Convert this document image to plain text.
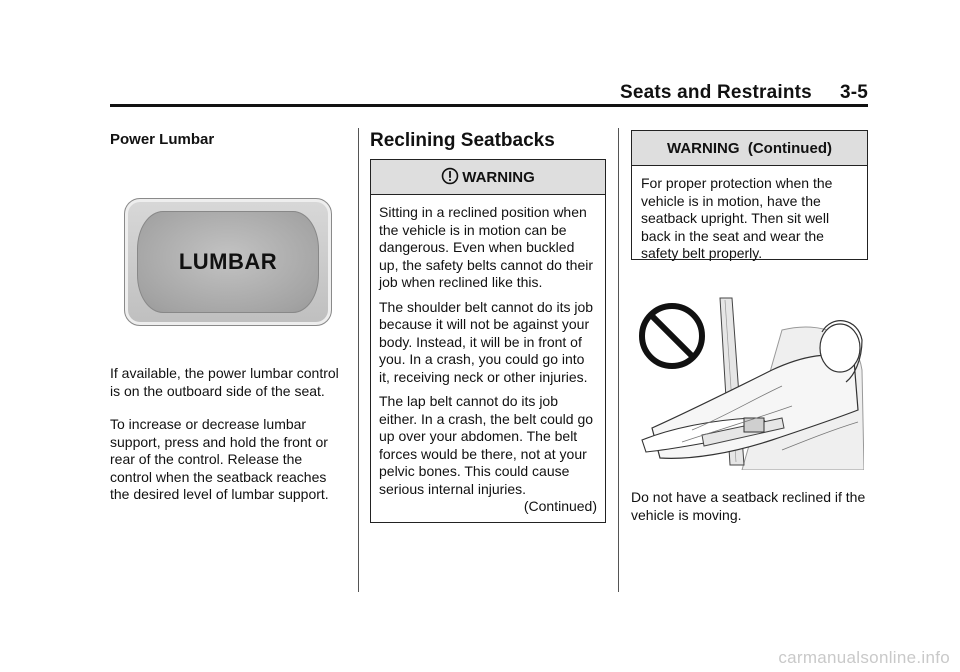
Seats and Restraints 3-5
Power Lumbar
LUMBAR
If available, the power lumbar control is on the outboard side of the seat.
To increase or decrease lumbar support, press and hold the front or rear of the control. Release the control when the seatback reaches the desired level of lumbar support.
Reclining Seatbacks
WARNING

Sitting in a reclined position when the vehicle is in motion can be dangerous. Even when buckled up, the safety belts cannot do their job when reclined like this.

The shoulder belt cannot do its job because it will not be against your body. Instead, it will be in front of you. In a crash, you could go into it, receiving neck or other injuries.

The lap belt cannot do its job either. In a crash, the belt could go up over your abdomen. The belt forces would be there, not at your pelvic bones. This could cause serious internal injuries.

(Continued)
WARNING  (Continued)
For proper protection when the vehicle is in motion, have the seatback upright. Then sit well back in the seat and wear the safety belt properly.
Do not have a seatback reclined if the vehicle is moving.
carmanualsonline.info
